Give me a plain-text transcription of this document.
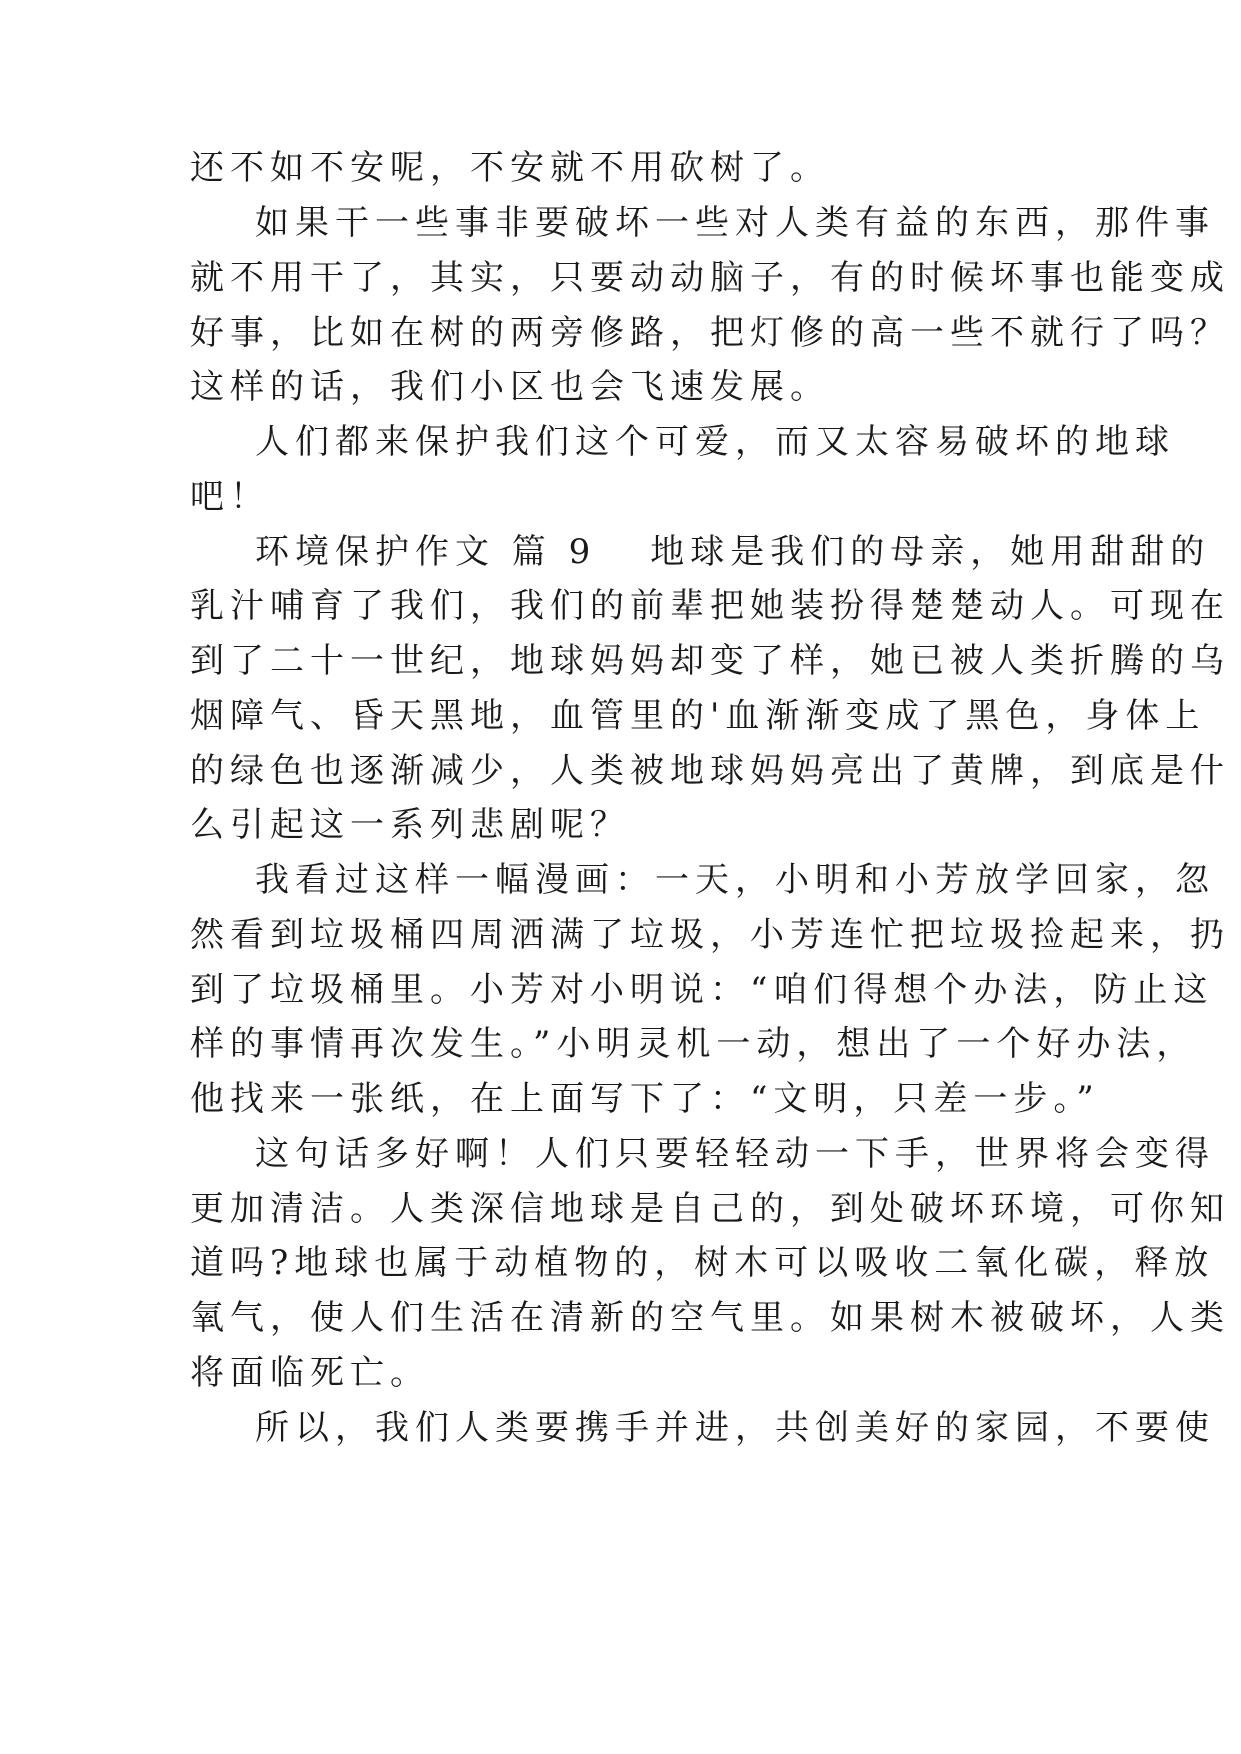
还不如不安呢，不安就不用砍树了。
如果干一些事非要破坏一些对人类有益的东西，那件事
就不用干了，其实，只要动动脑子，有的时候坏事也能变成
好事，比如在树的两旁修路，把灯修的高一些不就行了吗？
这样的话，我们小区也会飞速发展。
人们都来保护我们这个可爱，而又太容易破坏的地球
吧！
环境保护作文 篇 9 地球是我们的母亲，她用甜甜的
乳汁哺育了我们，我们的前辈把她装扮得楚楚动人。可现在
到了二十一世纪，地球妈妈却变了样，她已被人类折腾的乌
烟障气、昏天黑地，血管里的'血渐渐变成了黑色，身体上
的绿色也逐渐减少，人类被地球妈妈亮出了黄牌，到底是什
么引起这一系列悲剧呢？
我看过这样一幅漫画：一天，小明和小芳放学回家，忽
然看到垃圾桶四周洒满了垃圾，小芳连忙把垃圾捡起来，扔
到了垃圾桶里。小芳对小明说：“咱们得想个办法，防止这
样的事情再次发生。”小明灵机一动，想出了一个好办法，
他找来一张纸，在上面写下了：“文明，只差一步。”
这句话多好啊！人们只要轻轻动一下手，世界将会变得
更加清洁。人类深信地球是自己的，到处破坏环境，可你知
道吗?地球也属于动植物的，树木可以吸收二氧化碳，释放
氧气，使人们生活在清新的空气里。如果树木被破坏，人类
将面临死亡。
所以，我们人类要携手并进，共创美好的家园，不要使
